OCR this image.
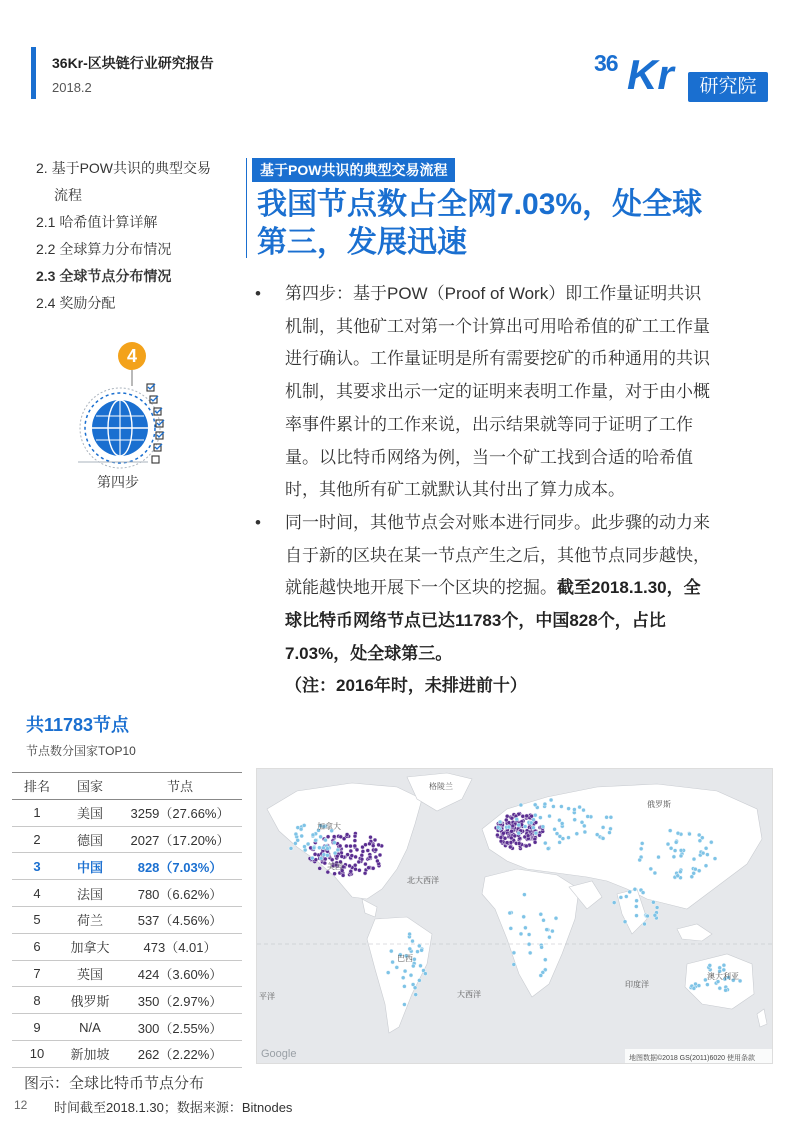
36Kr-区块链行业研究报告
2018.2
36 Kr	研究院
2. 基于POW共识的典型交易
流程
2.1 哈希值计算详解
2.2 全球算力分布情况
2.3 全球节点分布情况
2.4 奖励分配
4
第四步
基于POW共识的典型交易流程
我国节点数占全网7.03%，处全球第三，发展迅速
• 第四步：基于POW（Proof of Work）即工作量证明共识机制，其他矿工对第一个计算出可用哈希值的矿工工作量进行确认。工作量证明是所有需要挖矿的币种通用的共识机制，其要求出示一定的证明来表明工作量，对于由小概率事件累计的工作来说，出示结果就等同于证明了工作量。以比特币网络为例，当一个矿工找到合适的哈希值时，其他所有矿工就默认其付出了算力成本。
• 同一时间，其他节点会对账本进行同步。此步骤的动力来自于新的区块在某一节点产生之后，其他节点同步越快，就能越快地开展下一个区块的挖掘。截至2018.1.30，全球比特币网络节点已达11783个，中国828个，占比7.03%，处全球第三。
（注：2016年时，未排进前十）
共11783节点
节点数分国家TOP10
排名	国家	节点
1	美国	3259（27.66%）
2	德国	2027（17.20%）
3	中国	828（7.03%）
4	法国	780（6.62%）
5	荷兰	537（4.56%）
6	加拿大	473（4.01）
7	英国	424（3.60%）
8	俄罗斯	350（2.97%）
9	N/A	300（2.55%）
10	新加坡	262（2.22%）
北大西洋
大西洋
平洋
印度洋
俄罗斯
加拿大
美国
巴西
澳大利亚
格陵兰
Google	地图数据©2018 GS(2011)6020 使用条款
图示：全球比特币节点分布
12 时间截至2018.1.30；数据来源：Bitnodes
